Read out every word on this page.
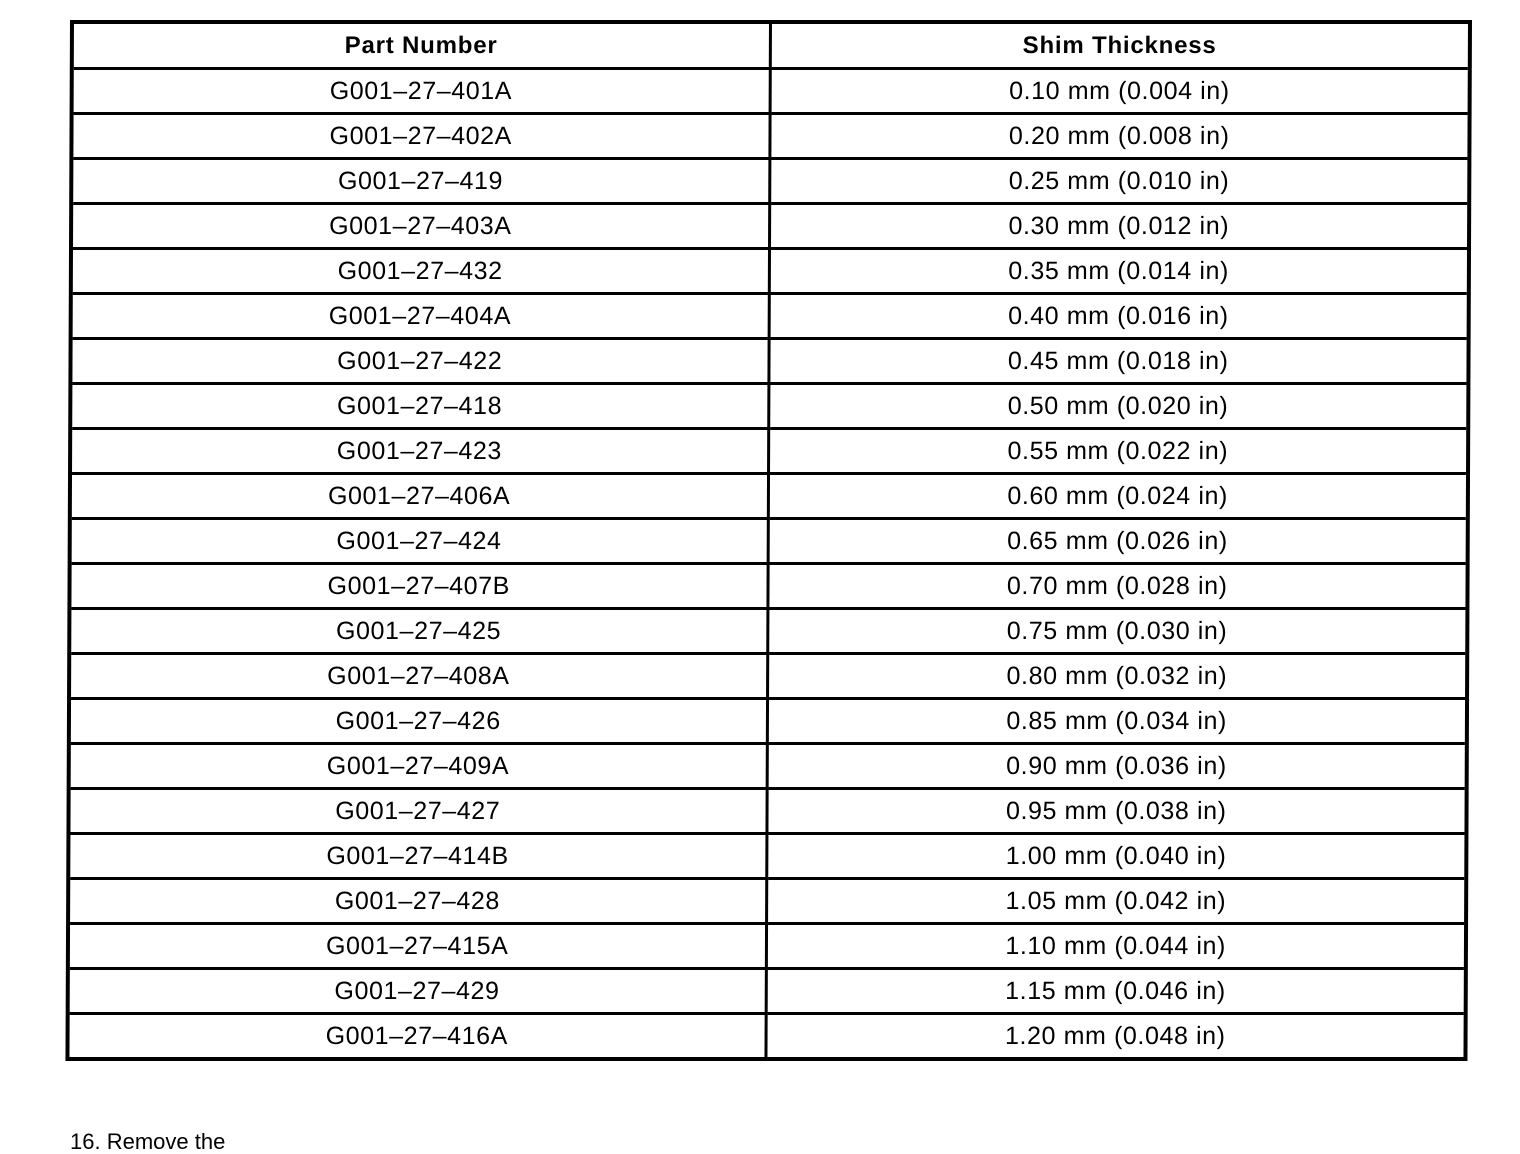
Part Number	Shim Thickness
G001–27–401A	0.10 mm (0.004 in)
G001–27–402A	0.20 mm (0.008 in)
G001–27–419	0.25 mm (0.010 in)
G001–27–403A	0.30 mm (0.012 in)
G001–27–432	0.35 mm (0.014 in)
G001–27–404A	0.40 mm (0.016 in)
G001–27–422	0.45 mm (0.018 in)
G001–27–418	0.50 mm (0.020 in)
G001–27–423	0.55 mm (0.022 in)
G001–27–406A	0.60 mm (0.024 in)
G001–27–424	0.65 mm (0.026 in)
G001–27–407B	0.70 mm (0.028 in)
G001–27–425	0.75 mm (0.030 in)
G001–27–408A	0.80 mm (0.032 in)
G001–27–426	0.85 mm (0.034 in)
G001–27–409A	0.90 mm (0.036 in)
G001–27–427	0.95 mm (0.038 in)
G001–27–414B	1.00 mm (0.040 in)
G001–27–428	1.05 mm (0.042 in)
G001–27–415A	1.10 mm (0.044 in)
G001–27–429	1.15 mm (0.046 in)
G001–27–416A	1.20 mm (0.048 in)
16. Remove the
